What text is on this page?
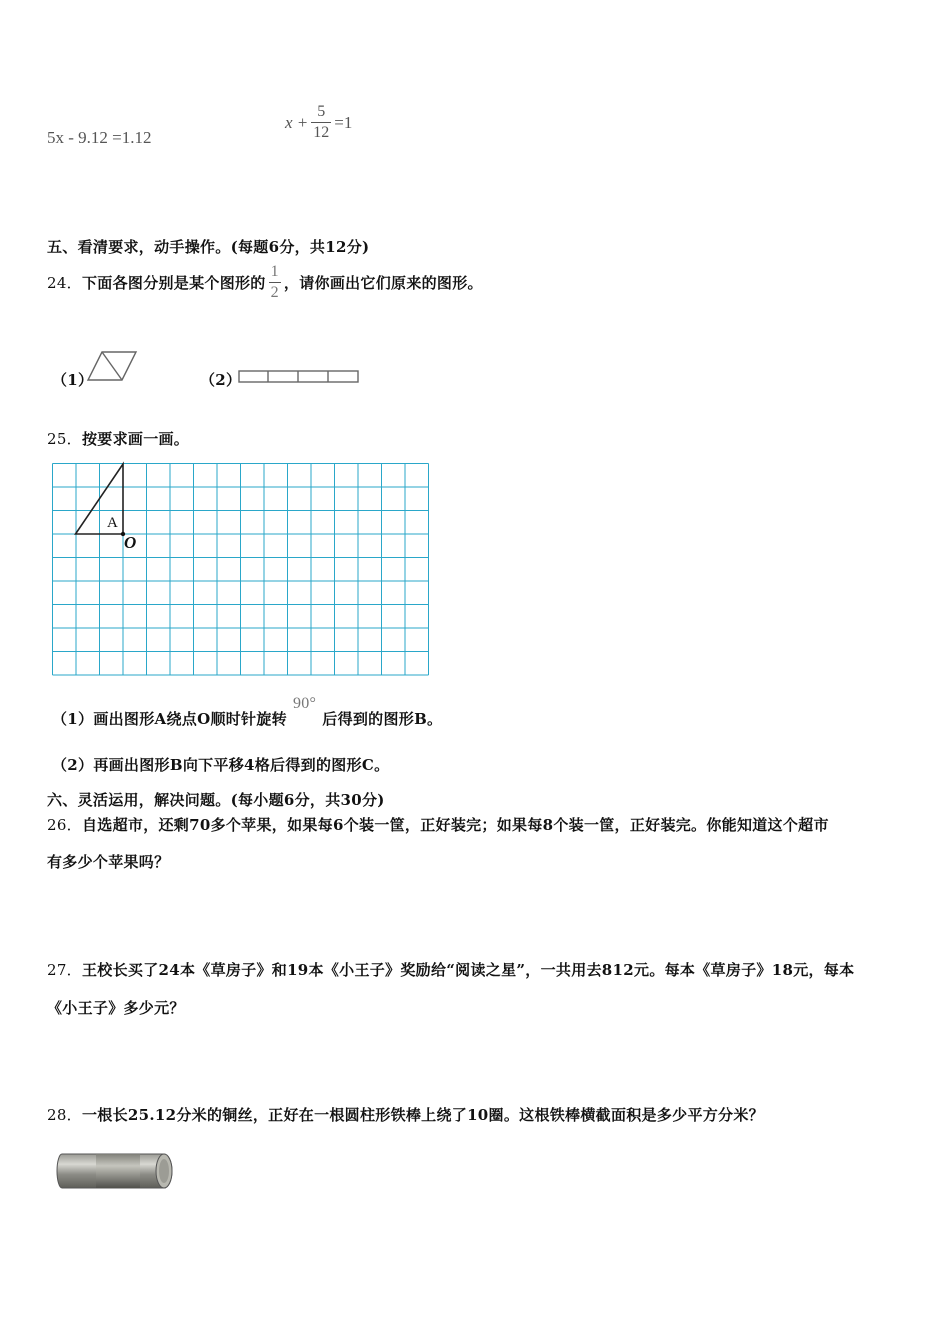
5x - 9.12 =1.12
$x + \frac{5}{12} =1$
五、看清要求，动手操作。(每题6分，共12分)
24． 下面各图分别是某个图形的 $\frac{1}{2}$ ，请你画出它们原来的图形。
（1）	（2）
25．按要求画一画。
A
O
（1）画出图形A绕点O顺时针旋转
90°
后得到的图形B。
（2）再画出图形B向下平移4格后得到的图形C。
六、灵活运用，解决问题。(每小题6分，共30分)
26．自选超市，还剩70多个苹果，如果每6个装一筐，正好装完；如果每8个装一筐，正好装完。你能知道这个超市
有多少个苹果吗？
27．王校长买了24本《草房子》和19本《小王子》奖励给“阅读之星”，一共用去812元。每本《草房子》18元，每本
《小王子》多少元？
28．一根长25.12分米的铜丝，正好在一根圆柱形铁棒上绕了10圈。这根铁棒横截面积是多少平方分米？
